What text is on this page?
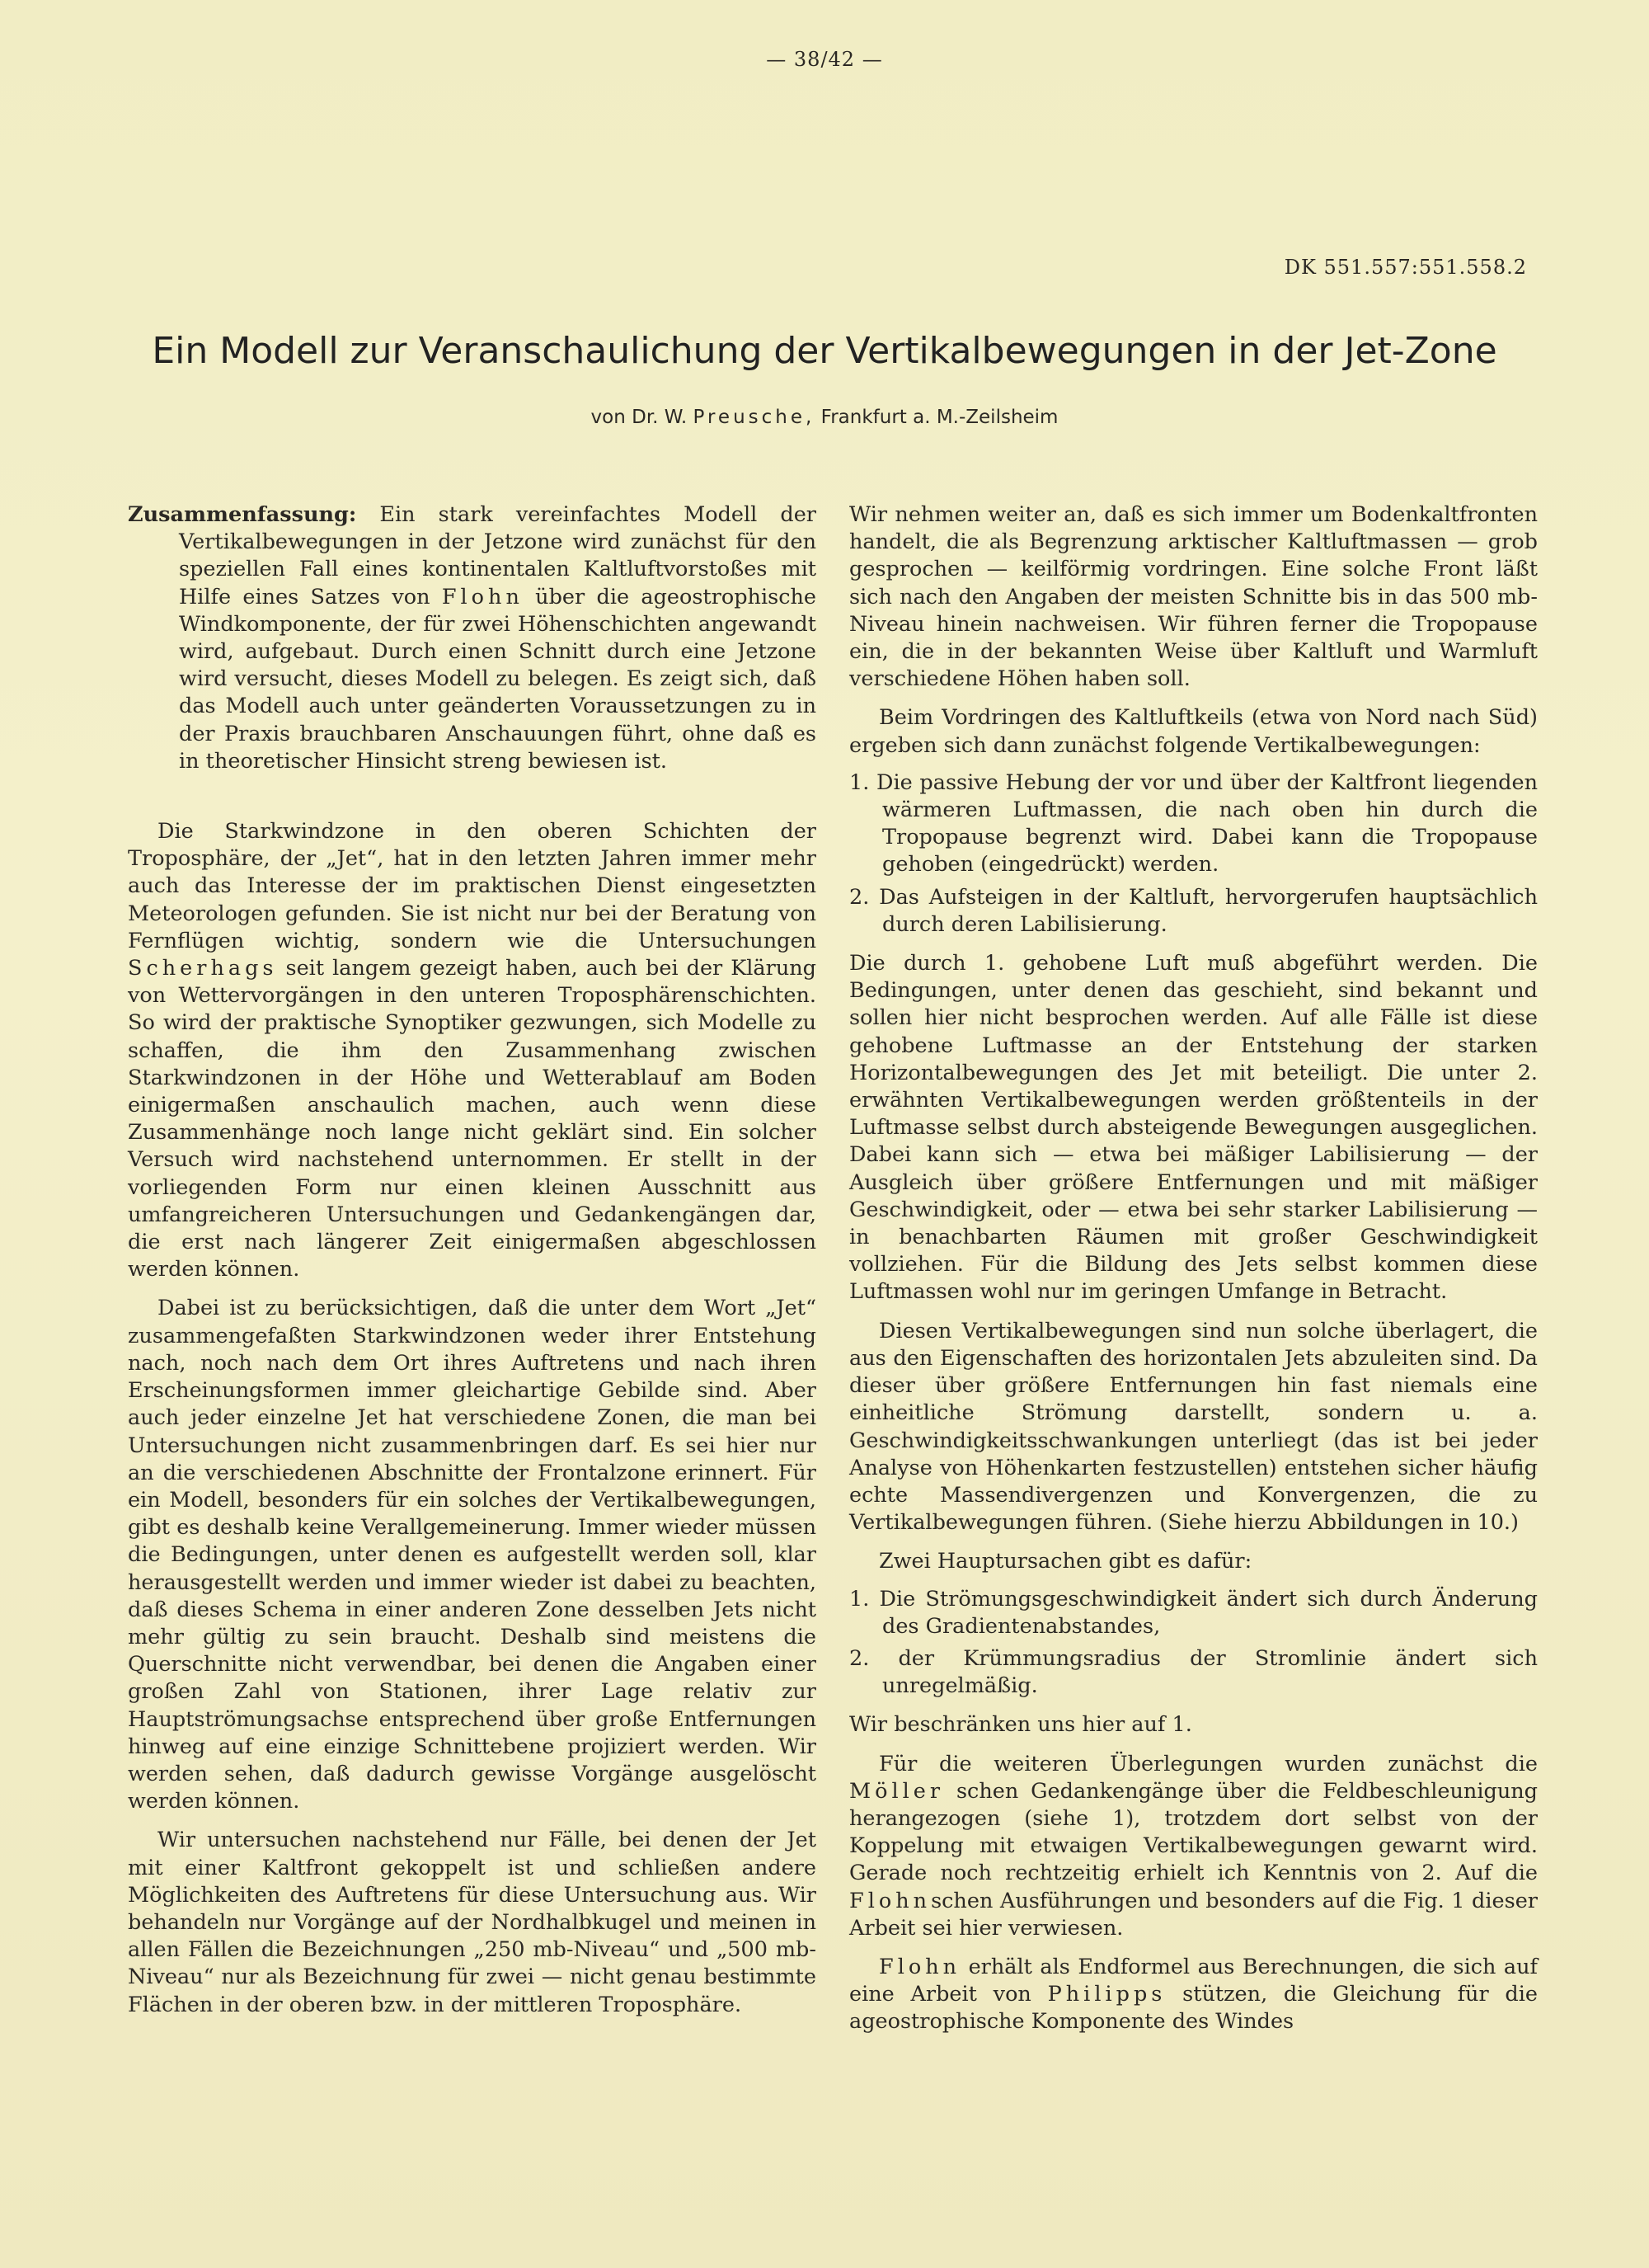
— 38/42 —
DK 551.557:551.558.2
Ein Modell zur Veranschaulichung der Vertikalbewegungen in der Jet-Zone
von Dr. W. Preusche, Frankfurt a. M.-Zeilsheim

Zusammenfassung: Ein stark vereinfachtes Modell der Vertikalbewegungen in der Jetzone wird zunächst für den speziellen Fall eines kontinentalen Kaltluftvorstoßes mit Hilfe eines Satzes von Flohn über die ageostrophische Windkomponente, der für zwei Höhenschichten angewandt wird, aufgebaut. Durch einen Schnitt durch eine Jetzone wird versucht, dieses Modell zu belegen. Es zeigt sich, daß das Modell auch unter geänderten Voraussetzungen zu in der Praxis brauchbaren Anschauungen führt, ohne daß es in theoretischer Hinsicht streng bewiesen ist.

Die Starkwindzone in den oberen Schichten der Troposphäre, der „Jet“, hat in den letzten Jahren immer mehr auch das Interesse der im praktischen Dienst eingesetzten Meteorologen gefunden. Sie ist nicht nur bei der Beratung von Fernflügen wichtig, sondern wie die Untersuchungen Scherhags seit langem gezeigt haben, auch bei der Klärung von Wettervorgängen in den unteren Troposphärenschichten. So wird der praktische Synoptiker gezwungen, sich Modelle zu schaffen, die ihm den Zusammenhang zwischen Starkwindzonen in der Höhe und Wetterablauf am Boden einigermaßen anschaulich machen, auch wenn diese Zusammenhänge noch lange nicht geklärt sind. Ein solcher Versuch wird nachstehend unternommen. Er stellt in der vorliegenden Form nur einen kleinen Ausschnitt aus umfangreicheren Untersuchungen und Gedankengängen dar, die erst nach längerer Zeit einigermaßen abgeschlossen werden können.

Dabei ist zu berücksichtigen, daß die unter dem Wort „Jet“ zusammengefaßten Starkwindzonen weder ihrer Entstehung nach, noch nach dem Ort ihres Auftretens und nach ihren Erscheinungsformen immer gleichartige Gebilde sind. Aber auch jeder einzelne Jet hat verschiedene Zonen, die man bei Untersuchungen nicht zusammenbringen darf. Es sei hier nur an die verschiedenen Abschnitte der Frontalzone erinnert. Für ein Modell, besonders für ein solches der Vertikalbewegungen, gibt es deshalb keine Verallgemeinerung. Immer wieder müssen die Bedingungen, unter denen es aufgestellt werden soll, klar herausgestellt werden und immer wieder ist dabei zu beachten, daß dieses Schema in einer anderen Zone desselben Jets nicht mehr gültig zu sein braucht. Deshalb sind meistens die Querschnitte nicht verwendbar, bei denen die Angaben einer großen Zahl von Stationen, ihrer Lage relativ zur Hauptströmungsachse entsprechend über große Entfernungen hinweg auf eine einzige Schnittebene projiziert werden. Wir werden sehen, daß dadurch gewisse Vorgänge ausgelöscht werden können.

Wir untersuchen nachstehend nur Fälle, bei denen der Jet mit einer Kaltfront gekoppelt ist und schließen andere Möglichkeiten des Auftretens für diese Untersuchung aus. Wir behandeln nur Vorgänge auf der Nordhalbkugel und meinen in allen Fällen die Bezeichnungen „250 mb-Niveau“ und „500 mb-Niveau“ nur als Bezeichnung für zwei — nicht genau bestimmte Flächen in der oberen bzw. in der mittleren Troposphäre.

Wir nehmen weiter an, daß es sich immer um Bodenkaltfronten handelt, die als Begrenzung arktischer Kaltluftmassen — grob gesprochen — keilförmig vordringen. Eine solche Front läßt sich nach den Angaben der meisten Schnitte bis in das 500 mb-Niveau hinein nachweisen. Wir führen ferner die Tropopause ein, die in der bekannten Weise über Kaltluft und Warmluft verschiedene Höhen haben soll.

Beim Vordringen des Kaltluftkeils (etwa von Nord nach Süd) ergeben sich dann zunächst folgende Vertikalbewegungen:

1. Die passive Hebung der vor und über der Kaltfront liegenden wärmeren Luftmassen, die nach oben hin durch die Tropopause begrenzt wird. Dabei kann die Tropopause gehoben (eingedrückt) werden.
2. Das Aufsteigen in der Kaltluft, hervorgerufen hauptsächlich durch deren Labilisierung.

Die durch 1. gehobene Luft muß abgeführt werden. Die Bedingungen, unter denen das geschieht, sind bekannt und sollen hier nicht besprochen werden. Auf alle Fälle ist diese gehobene Luftmasse an der Entstehung der starken Horizontalbewegungen des Jet mit beteiligt. Die unter 2. erwähnten Vertikalbewegungen werden größtenteils in der Luftmasse selbst durch absteigende Bewegungen ausgeglichen. Dabei kann sich — etwa bei mäßiger Labilisierung — der Ausgleich über größere Entfernungen und mit mäßiger Geschwindigkeit, oder — etwa bei sehr starker Labilisierung — in benachbarten Räumen mit großer Geschwindigkeit vollziehen. Für die Bildung des Jets selbst kommen diese Luftmassen wohl nur im geringen Umfange in Betracht.

Diesen Vertikalbewegungen sind nun solche überlagert, die aus den Eigenschaften des horizontalen Jets abzuleiten sind. Da dieser über größere Entfernungen hin fast niemals eine einheitliche Strömung darstellt, sondern u. a. Geschwindigkeitsschwankungen unterliegt (das ist bei jeder Analyse von Höhenkarten festzustellen) entstehen sicher häufig echte Massendivergenzen und Konvergenzen, die zu Vertikalbewegungen führen. (Siehe hierzu Abbildungen in 10.)

Zwei Hauptursachen gibt es dafür:

1. Die Strömungsgeschwindigkeit ändert sich durch Änderung des Gradientenabstandes,
2. der Krümmungsradius der Stromlinie ändert sich unregelmäßig.

Wir beschränken uns hier auf 1.

Für die weiteren Überlegungen wurden zunächst die Möller schen Gedankengänge über die Feldbeschleunigung herangezogen (siehe 1), trotzdem dort selbst von der Koppelung mit etwaigen Vertikalbewegungen gewarnt wird. Gerade noch rechtzeitig erhielt ich Kenntnis von 2. Auf die Flohnschen Ausführungen und besonders auf die Fig. 1 dieser Arbeit sei hier verwiesen.

Flohn erhält als Endformel aus Berechnungen, die sich auf eine Arbeit von Philipps stützen, die Gleichung für die ageostrophische Komponente des Windes
